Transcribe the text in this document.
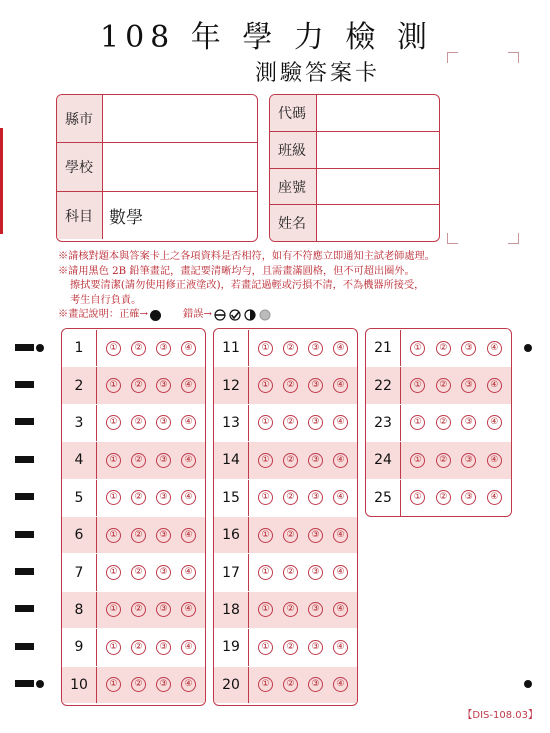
108 年 學 力 檢 測
測驗答案卡
縣市
學校
科目 數學
代碼
班級
座號
姓名
※請核對題本與答案卡上之各項資料是否相符，如有不符應立即通知主試老師處理。
※請用黑色 2B 鉛筆畫記，畫記要清晰均勻，且需畫滿圓格，但不可超出圈外。
擦拭要清潔(請勿使用修正液塗改)，若畫記過輕或污損不清，不為機器所接受，
考生自行負責。
※畫記說明：正確→	錯誤→
1	①	②	③	④
2	①	②	③	④
3	①	②	③	④
4	①	②	③	④
5	①	②	③	④
6	①	②	③	④
7	①	②	③	④
8	①	②	③	④
9	①	②	③	④
10	①	②	③	④
11	①	②	③	④
12	①	②	③	④
13	①	②	③	④
14	①	②	③	④
15	①	②	③	④
16	①	②	③	④
17	①	②	③	④
18	①	②	③	④
19	①	②	③	④
20	①	②	③	④
21	①	②	③	④
22	①	②	③	④
23	①	②	③	④
24	①	②	③	④
25	①	②	③	④
【DIS-108.03】
